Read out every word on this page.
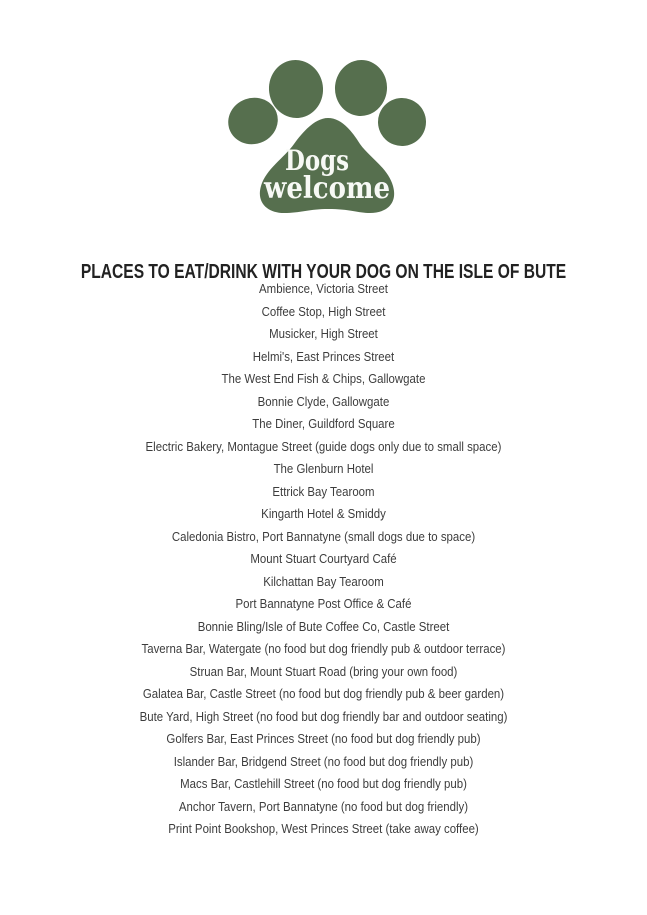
Dogs
welcome
PLACES TO EAT/DRINK WITH YOUR DOG ON THE ISLE OF BUTE
Ambience, Victoria Street
Coffee Stop, High Street
Musicker, High Street
Helmi's, East Princes Street
The West End Fish & Chips, Gallowgate
Bonnie Clyde, Gallowgate
The Diner, Guildford Square
Electric Bakery, Montague Street (guide dogs only due to small space)
The Glenburn Hotel
Ettrick Bay Tearoom
Kingarth Hotel & Smiddy
Caledonia Bistro, Port Bannatyne (small dogs due to space)
Mount Stuart Courtyard Café
Kilchattan Bay Tearoom
Port Bannatyne Post Office & Café
Bonnie Bling/Isle of Bute Coffee Co, Castle Street
Taverna Bar, Watergate (no food but dog friendly pub & outdoor terrace)
Struan Bar, Mount Stuart Road (bring your own food)
Galatea Bar, Castle Street (no food but dog friendly pub & beer garden)
Bute Yard, High Street (no food but dog friendly bar and outdoor seating)
Golfers Bar, East Princes Street (no food but dog friendly pub)
Islander Bar, Bridgend Street (no food but dog friendly pub)
Macs Bar, Castlehill Street (no food but dog friendly pub)
Anchor Tavern, Port Bannatyne (no food but dog friendly)
Print Point Bookshop, West Princes Street (take away coffee)
